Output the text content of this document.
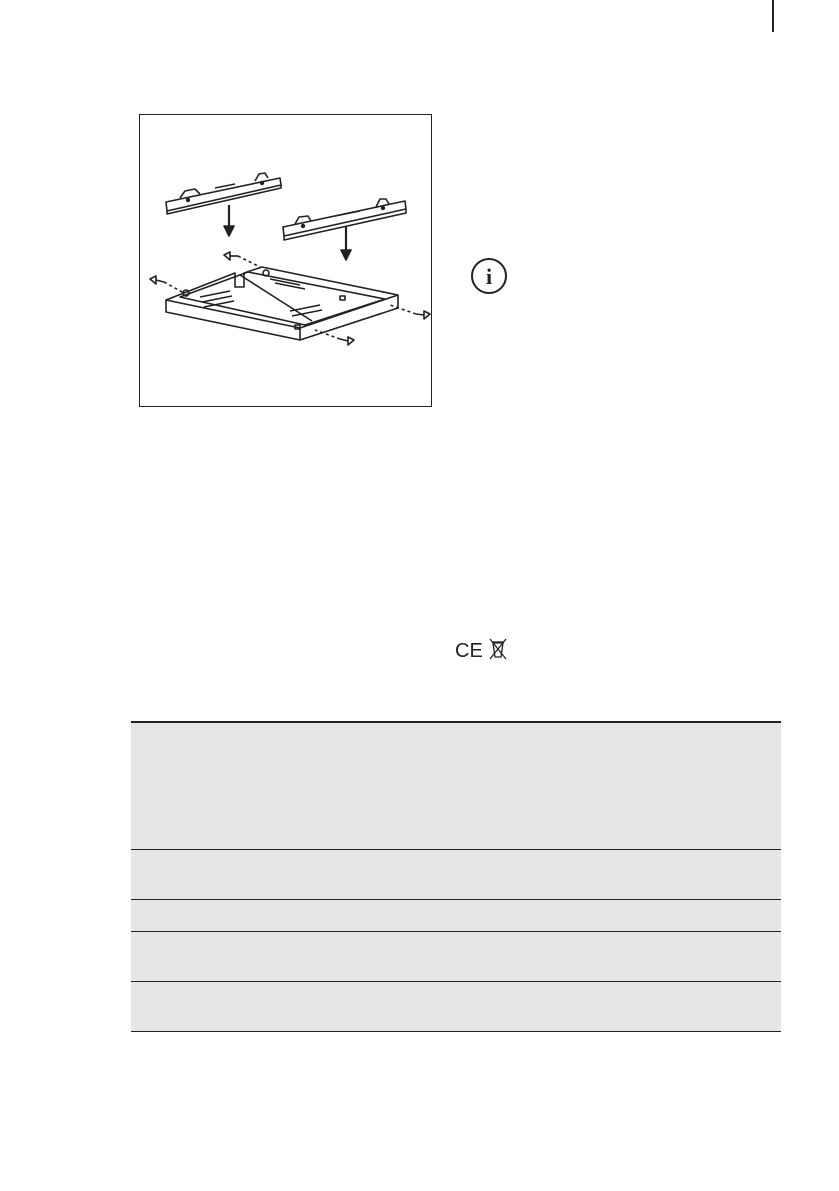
i
CE
